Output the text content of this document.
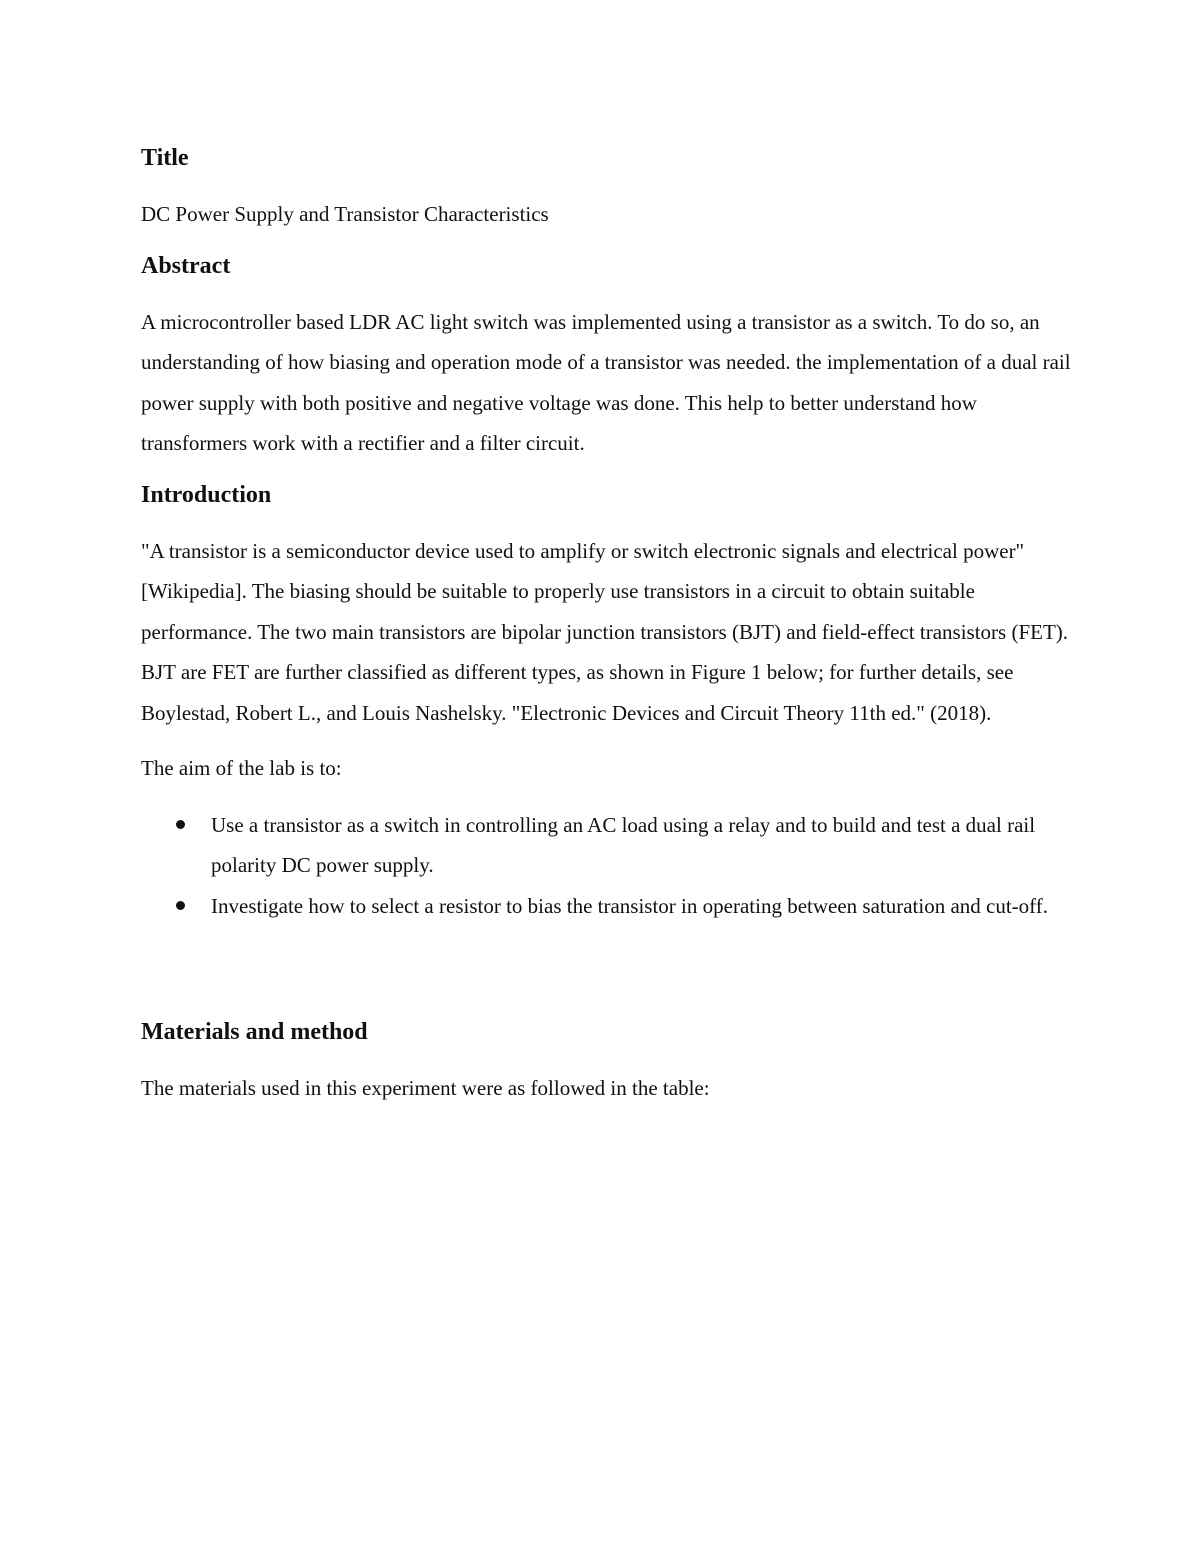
Title

DC Power Supply and Transistor Characteristics

Abstract

A microcontroller based LDR AC light switch was implemented using a transistor as a switch. To do so, an understanding of how biasing and operation mode of a transistor was needed. the implementation of a dual rail power supply with both positive and negative voltage was done. This help to better understand how transformers work with a rectifier and a filter circuit.

Introduction

"A transistor is a semiconductor device used to amplify or switch electronic signals and electrical power" [Wikipedia]. The biasing should be suitable to properly use transistors in a circuit to obtain suitable performance. The two main transistors are bipolar junction transistors (BJT) and field-effect transistors (FET). BJT are FET are further classified as different types, as shown in Figure 1 below; for further details, see Boylestad, Robert L., and Louis Nashelsky. "Electronic Devices and Circuit Theory 11th ed." (2018).

The aim of the lab is to:

Use a transistor as a switch in controlling an AC load using a relay and to build and test a dual rail polarity DC power supply.
Investigate how to select a resistor to bias the transistor in operating between saturation and cut-off.
Materials and method

The materials used in this experiment were as followed in the table:
